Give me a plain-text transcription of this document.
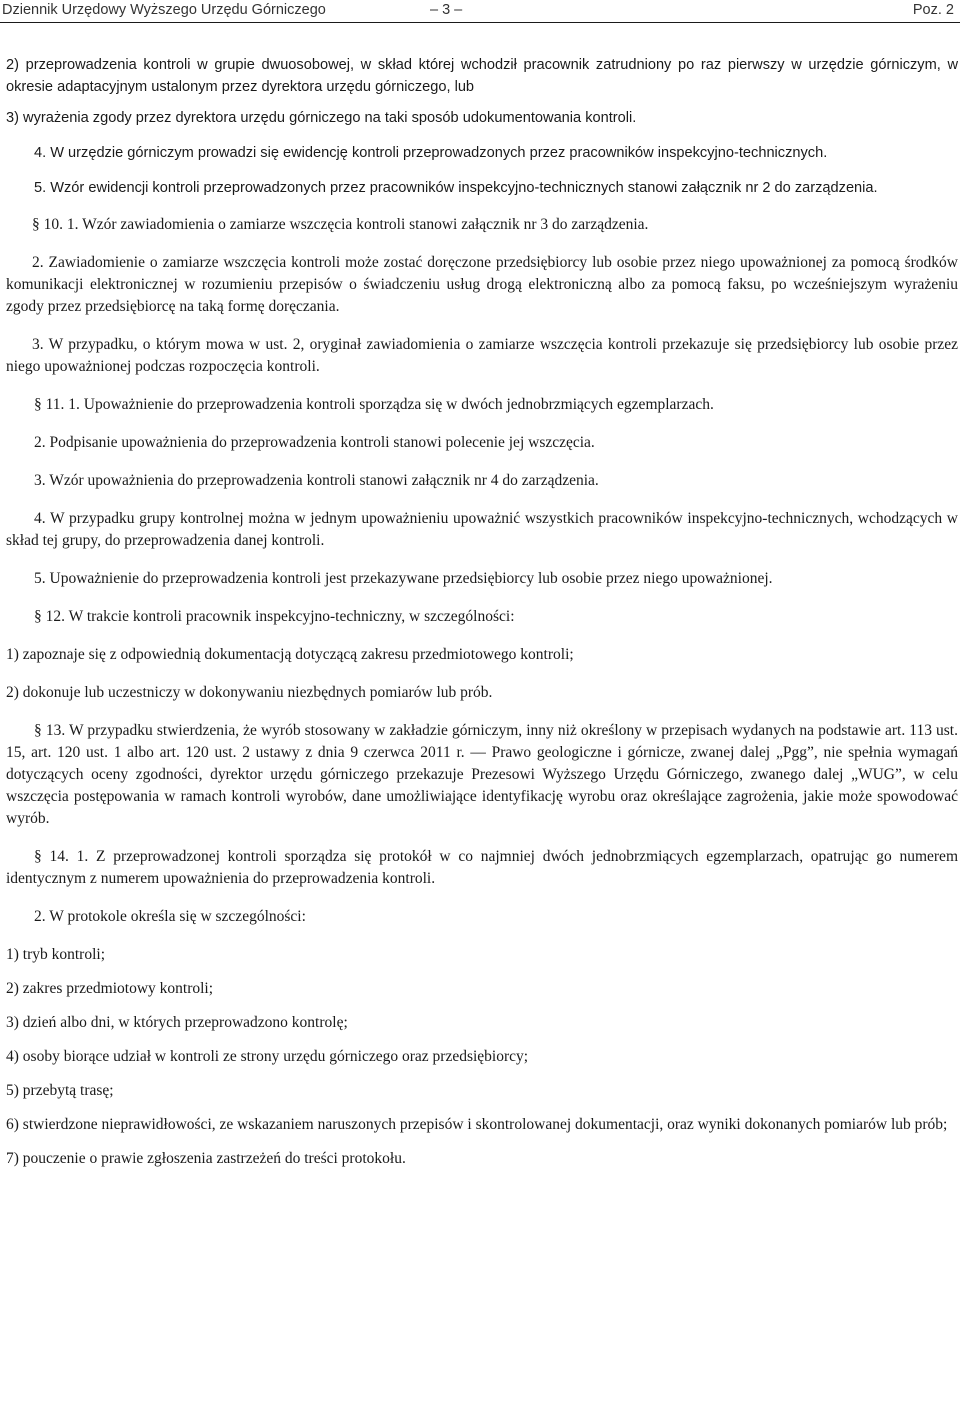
Dziennik Urzędowy Wyższego Urzędu Górniczego	– 3 –	Poz. 2

2) przeprowadzenia kontroli w grupie dwuosobowej, w skład której wchodził pracownik zatrudniony po raz pierwszy w urzędzie górniczym, w okresie adaptacyjnym ustalonym przez dyrektora urzędu górniczego, lub

3) wyrażenia zgody przez dyrektora urzędu górniczego na taki sposób udokumentowania kontroli.

4. W urzędzie górniczym prowadzi się ewidencję kontroli przeprowadzonych przez pracowników inspekcyjno-technicznych.

5. Wzór ewidencji kontroli przeprowadzonych przez pracowników inspekcyjno-technicznych stanowi załącznik nr 2 do zarządzenia.

§ 10. 1. Wzór zawiadomienia o zamiarze wszczęcia kontroli stanowi załącznik nr 3 do zarządzenia.

2. Zawiadomienie o zamiarze wszczęcia kontroli może zostać doręczone przedsiębiorcy lub osobie przez niego upoważnionej za pomocą środków komunikacji elektronicznej w rozumieniu przepisów o świadczeniu usług drogą elektroniczną albo za pomocą faksu, po wcześniejszym wyrażeniu zgody przez przedsiębiorcę na taką formę doręczania.

3. W przypadku, o którym mowa w ust. 2, oryginał zawiadomienia o zamiarze wszczęcia kontroli przekazuje się przedsiębiorcy lub osobie przez niego upoważnionej podczas rozpoczęcia kontroli.

§ 11. 1. Upoważnienie do przeprowadzenia kontroli sporządza się w dwóch jednobrzmiących egzemplarzach.

2. Podpisanie upoważnienia do przeprowadzenia kontroli stanowi polecenie jej wszczęcia.

3. Wzór upoważnienia do przeprowadzenia kontroli stanowi załącznik nr 4 do zarządzenia.

4. W przypadku grupy kontrolnej można w jednym upoważnieniu upoważnić wszystkich pracowników inspekcyjno-technicznych, wchodzących w skład tej grupy, do przeprowadzenia danej kontroli.

5. Upoważnienie do przeprowadzenia kontroli jest przekazywane przedsiębiorcy lub osobie przez niego upoważnionej.

§ 12. W trakcie kontroli pracownik inspekcyjno-techniczny, w szczególności:

1) zapoznaje się z odpowiednią dokumentacją dotyczącą zakresu przedmiotowego kontroli;

2) dokonuje lub uczestniczy w dokonywaniu niezbędnych pomiarów lub prób.

§ 13. W przypadku stwierdzenia, że wyrób stosowany w zakładzie górniczym, inny niż określony w przepisach wydanych na podstawie art. 113 ust. 15, art. 120 ust. 1 albo art. 120 ust. 2 ustawy z dnia 9 czerwca 2011 r. — Prawo geologiczne i górnicze, zwanej dalej „Pgg”, nie spełnia wymagań dotyczących oceny zgodności, dyrektor urzędu górniczego przekazuje Prezesowi Wyższego Urzędu Górniczego, zwanego dalej „WUG”, w celu wszczęcia postępowania w ramach kontroli wyrobów, dane umożliwiające identyfikację wyrobu oraz określające zagrożenia, jakie może spowodować wyrób.

§ 14. 1. Z przeprowadzonej kontroli sporządza się protokół w co najmniej dwóch jednobrzmiących egzemplarzach, opatrując go numerem identycznym z numerem upoważnienia do przeprowadzenia kontroli.

2. W protokole określa się w szczególności:

1) tryb kontroli;

2) zakres przedmiotowy kontroli;

3) dzień albo dni, w których przeprowadzono kontrolę;

4) osoby biorące udział w kontroli ze strony urzędu górniczego oraz przedsiębiorcy;

5) przebytą trasę;

6) stwierdzone nieprawidłowości, ze wskazaniem naruszonych przepisów i skontrolowanej dokumentacji, oraz wyniki dokonanych pomiarów lub prób;

7) pouczenie o prawie zgłoszenia zastrzeżeń do treści protokołu.
